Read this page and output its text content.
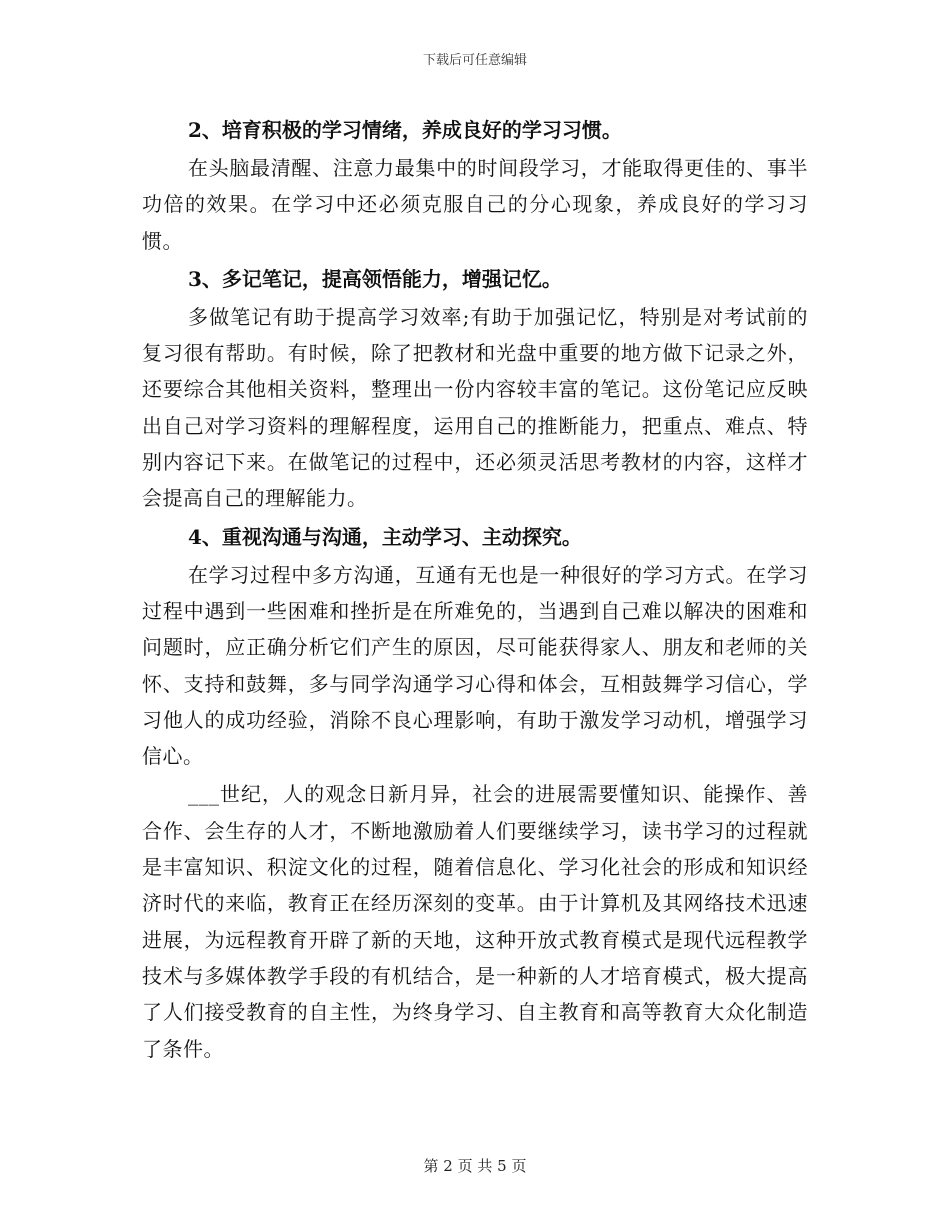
下载后可任意编辑
2、培育积极的学习情绪，养成良好的学习习惯。
在头脑最清醒、注意力最集中的时间段学习，才能取得更佳的、事半功倍的效果。在学习中还必须克服自己的分心现象，养成良好的学习习惯。
3、多记笔记，提高领悟能力，增强记忆。
多做笔记有助于提高学习效率;有助于加强记忆，特别是对考试前的复习很有帮助。有时候，除了把教材和光盘中重要的地方做下记录之外，还要综合其他相关资料，整理出一份内容较丰富的笔记。这份笔记应反映出自己对学习资料的理解程度，运用自己的推断能力，把重点、难点、特别内容记下来。在做笔记的过程中，还必须灵活思考教材的内容，这样才会提高自己的理解能力。
4、重视沟通与沟通，主动学习、主动探究。
在学习过程中多方沟通，互通有无也是一种很好的学习方式。在学习过程中遇到一些困难和挫折是在所难免的，当遇到自己难以解决的困难和问题时，应正确分析它们产生的原因，尽可能获得家人、朋友和老师的关怀、支持和鼓舞，多与同学沟通学习心得和体会，互相鼓舞学习信心，学习他人的成功经验，消除不良心理影响，有助于激发学习动机，增强学习信心。
___世纪，人的观念日新月异，社会的进展需要懂知识、能操作、善合作、会生存的人才，不断地激励着人们要继续学习，读书学习的过程就是丰富知识、积淀文化的过程，随着信息化、学习化社会的形成和知识经济时代的来临，教育正在经历深刻的变革。由于计算机及其网络技术迅速进展，为远程教育开辟了新的天地，这种开放式教育模式是现代远程教学技术与多媒体教学手段的有机结合，是一种新的人才培育模式，极大提高了人们接受教育的自主性，为终身学习、自主教育和高等教育大众化制造了条件。
第 2 页 共 5 页
